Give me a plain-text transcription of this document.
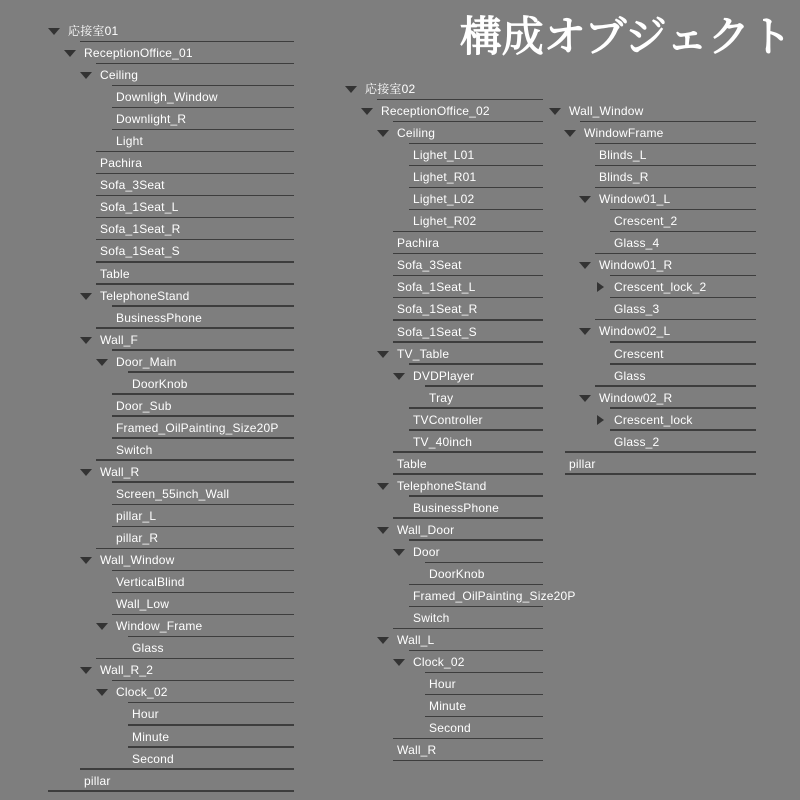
構成オブジェクト
応接室01
ReceptionOffice_01
Ceiling
Downligh_Window
Downlight_R
Light
Pachira
Sofa_3Seat
Sofa_1Seat_L
Sofa_1Seat_R
Sofa_1Seat_S
Table
TelephoneStand
BusinessPhone
Wall_F
Door_Main
DoorKnob
Door_Sub
Framed_OilPainting_Size20P
Switch
Wall_R
Screen_55inch_Wall
pillar_L
pillar_R
Wall_Window
VerticalBlind
Wall_Low
Window_Frame
Glass
Wall_R_2
Clock_02
Hour
Minute
Second
pillar
応接室02
ReceptionOffice_02
Ceiling
Lighet_L01
Lighet_R01
Lighet_L02
Lighet_R02
Pachira
Sofa_3Seat
Sofa_1Seat_L
Sofa_1Seat_R
Sofa_1Seat_S
TV_Table
DVDPlayer
Tray
TVController
TV_40inch
Table
TelephoneStand
BusinessPhone
Wall_Door
Door
DoorKnob
Framed_OilPainting_Size20P
Switch
Wall_L
Clock_02
Hour
Minute
Second
Wall_R
Wall_Window
WindowFrame
Blinds_L
Blinds_R
Window01_L
Crescent_2
Glass_4
Window01_R
Crescent_lock_2
Glass_3
Window02_L
Crescent
Glass
Window02_R
Crescent_lock
Glass_2
pillar
